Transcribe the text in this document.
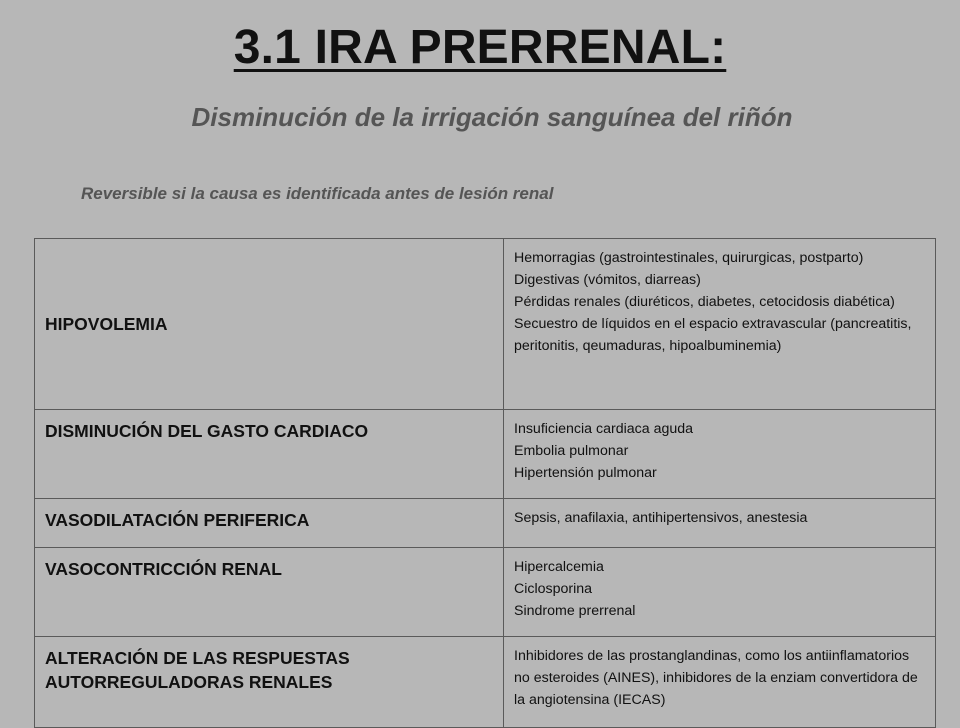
3.1 IRA PRERRENAL:
Disminución de la irrigación sanguínea del riñón
Reversible si la causa es identificada antes de lesión renal
HIPOVOLEMIA	Hemorragias (gastrointestinales, quirurgicas, postparto)
Digestivas (vómitos, diarreas)
Pérdidas renales (diuréticos, diabetes, cetocidosis diabética)
Secuestro de líquidos en el espacio extravascular (pancreatitis, peritonitis, qeumaduras, hipoalbuminemia)

DISMINUCIÓN DEL GASTO CARDIACO	Insuficiencia cardiaca aguda
Embolia pulmonar
Hipertensión pulmonar

VASODILATACIÓN PERIFERICA	Sepsis, anafilaxia, antihipertensivos, anestesia

VASOCONTRICCIÓN RENAL	Hipercalcemia
Ciclosporina
Sindrome prerrenal

ALTERACIÓN DE LAS RESPUESTAS AUTORREGULADORAS RENALES	Inhibidores de las prostanglandinas, como los antiinflamatorios no esteroides (AINES), inhibidores de la enziam convertidora de la angiotensina (IECAS)
